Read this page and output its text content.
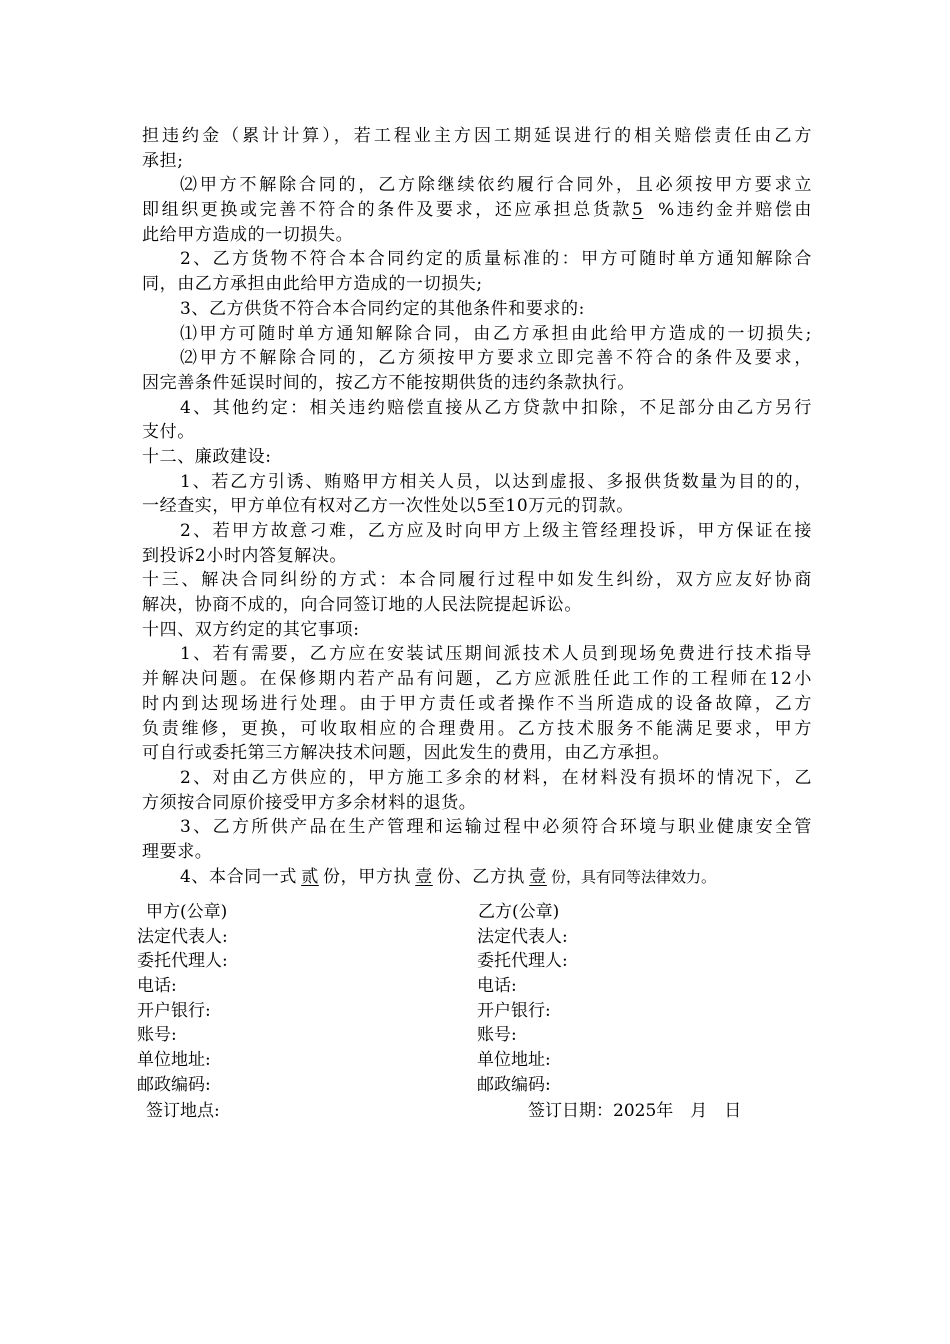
担违约金（累计计算），若工程业主方因工期延误进行的相关赔偿责任由乙方
承担;
⑵甲方不解除合同的，乙方除继续依约履行合同外，且必须按甲方要求立
即组织更换或完善不符合的条件及要求，还应承担总货款5 %违约金并赔偿由
此给甲方造成的一切损失。
2、乙方货物不符合本合同约定的质量标准的：甲方可随时单方通知解除合
同，由乙方承担由此给甲方造成的一切损失;
3、乙方供货不符合本合同约定的其他条件和要求的:
⑴甲方可随时单方通知解除合同，由乙方承担由此给甲方造成的一切损失;
⑵甲方不解除合同的，乙方须按甲方要求立即完善不符合的条件及要求，
因完善条件延误时间的，按乙方不能按期供货的违约条款执行。
4、其他约定：相关违约赔偿直接从乙方贷款中扣除，不足部分由乙方另行
支付。
十二、廉政建设:
1、若乙方引诱、贿赂甲方相关人员，以达到虚报、多报供货数量为目的的，
一经查实，甲方单位有权对乙方一次性处以5至10万元的罚款。
2、若甲方故意刁难，乙方应及时向甲方上级主管经理投诉，甲方保证在接
到投诉2小时内答复解决。
十三、解决合同纠纷的方式：本合同履行过程中如发生纠纷，双方应友好协商
解决，协商不成的，向合同签订地的人民法院提起诉讼。
十四、双方约定的其它事项:
1、若有需要，乙方应在安装试压期间派技术人员到现场免费进行技术指导
并解决问题。在保修期内若产品有问题，乙方应派胜任此工作的工程师在12小
时内到达现场进行处理。由于甲方责任或者操作不当所造成的设备故障，乙方
负责维修，更换，可收取相应的合理费用。乙方技术服务不能满足要求，甲方
可自行或委托第三方解决技术问题，因此发生的费用，由乙方承担。
2、对由乙方供应的，甲方施工多余的材料，在材料没有损坏的情况下，乙
方须按合同原价接受甲方多余材料的退货。
3、乙方所供产品在生产管理和运输过程中必须符合环境与职业健康安全管
理要求。
4、本合同一式 贰 份，甲方执 壹 份、乙方执 壹 份，具有同等法律效力。
甲方(公章)	乙方(公章)
法定代表人:	法定代表人:
委托代理人:	委托代理人:
电话:	电话:
开户银行:	开户银行:
账号:	账号:
单位地址:	单位地址:
邮政编码:	邮政编码:
签订地点:	签订日期：2025年　月　日
